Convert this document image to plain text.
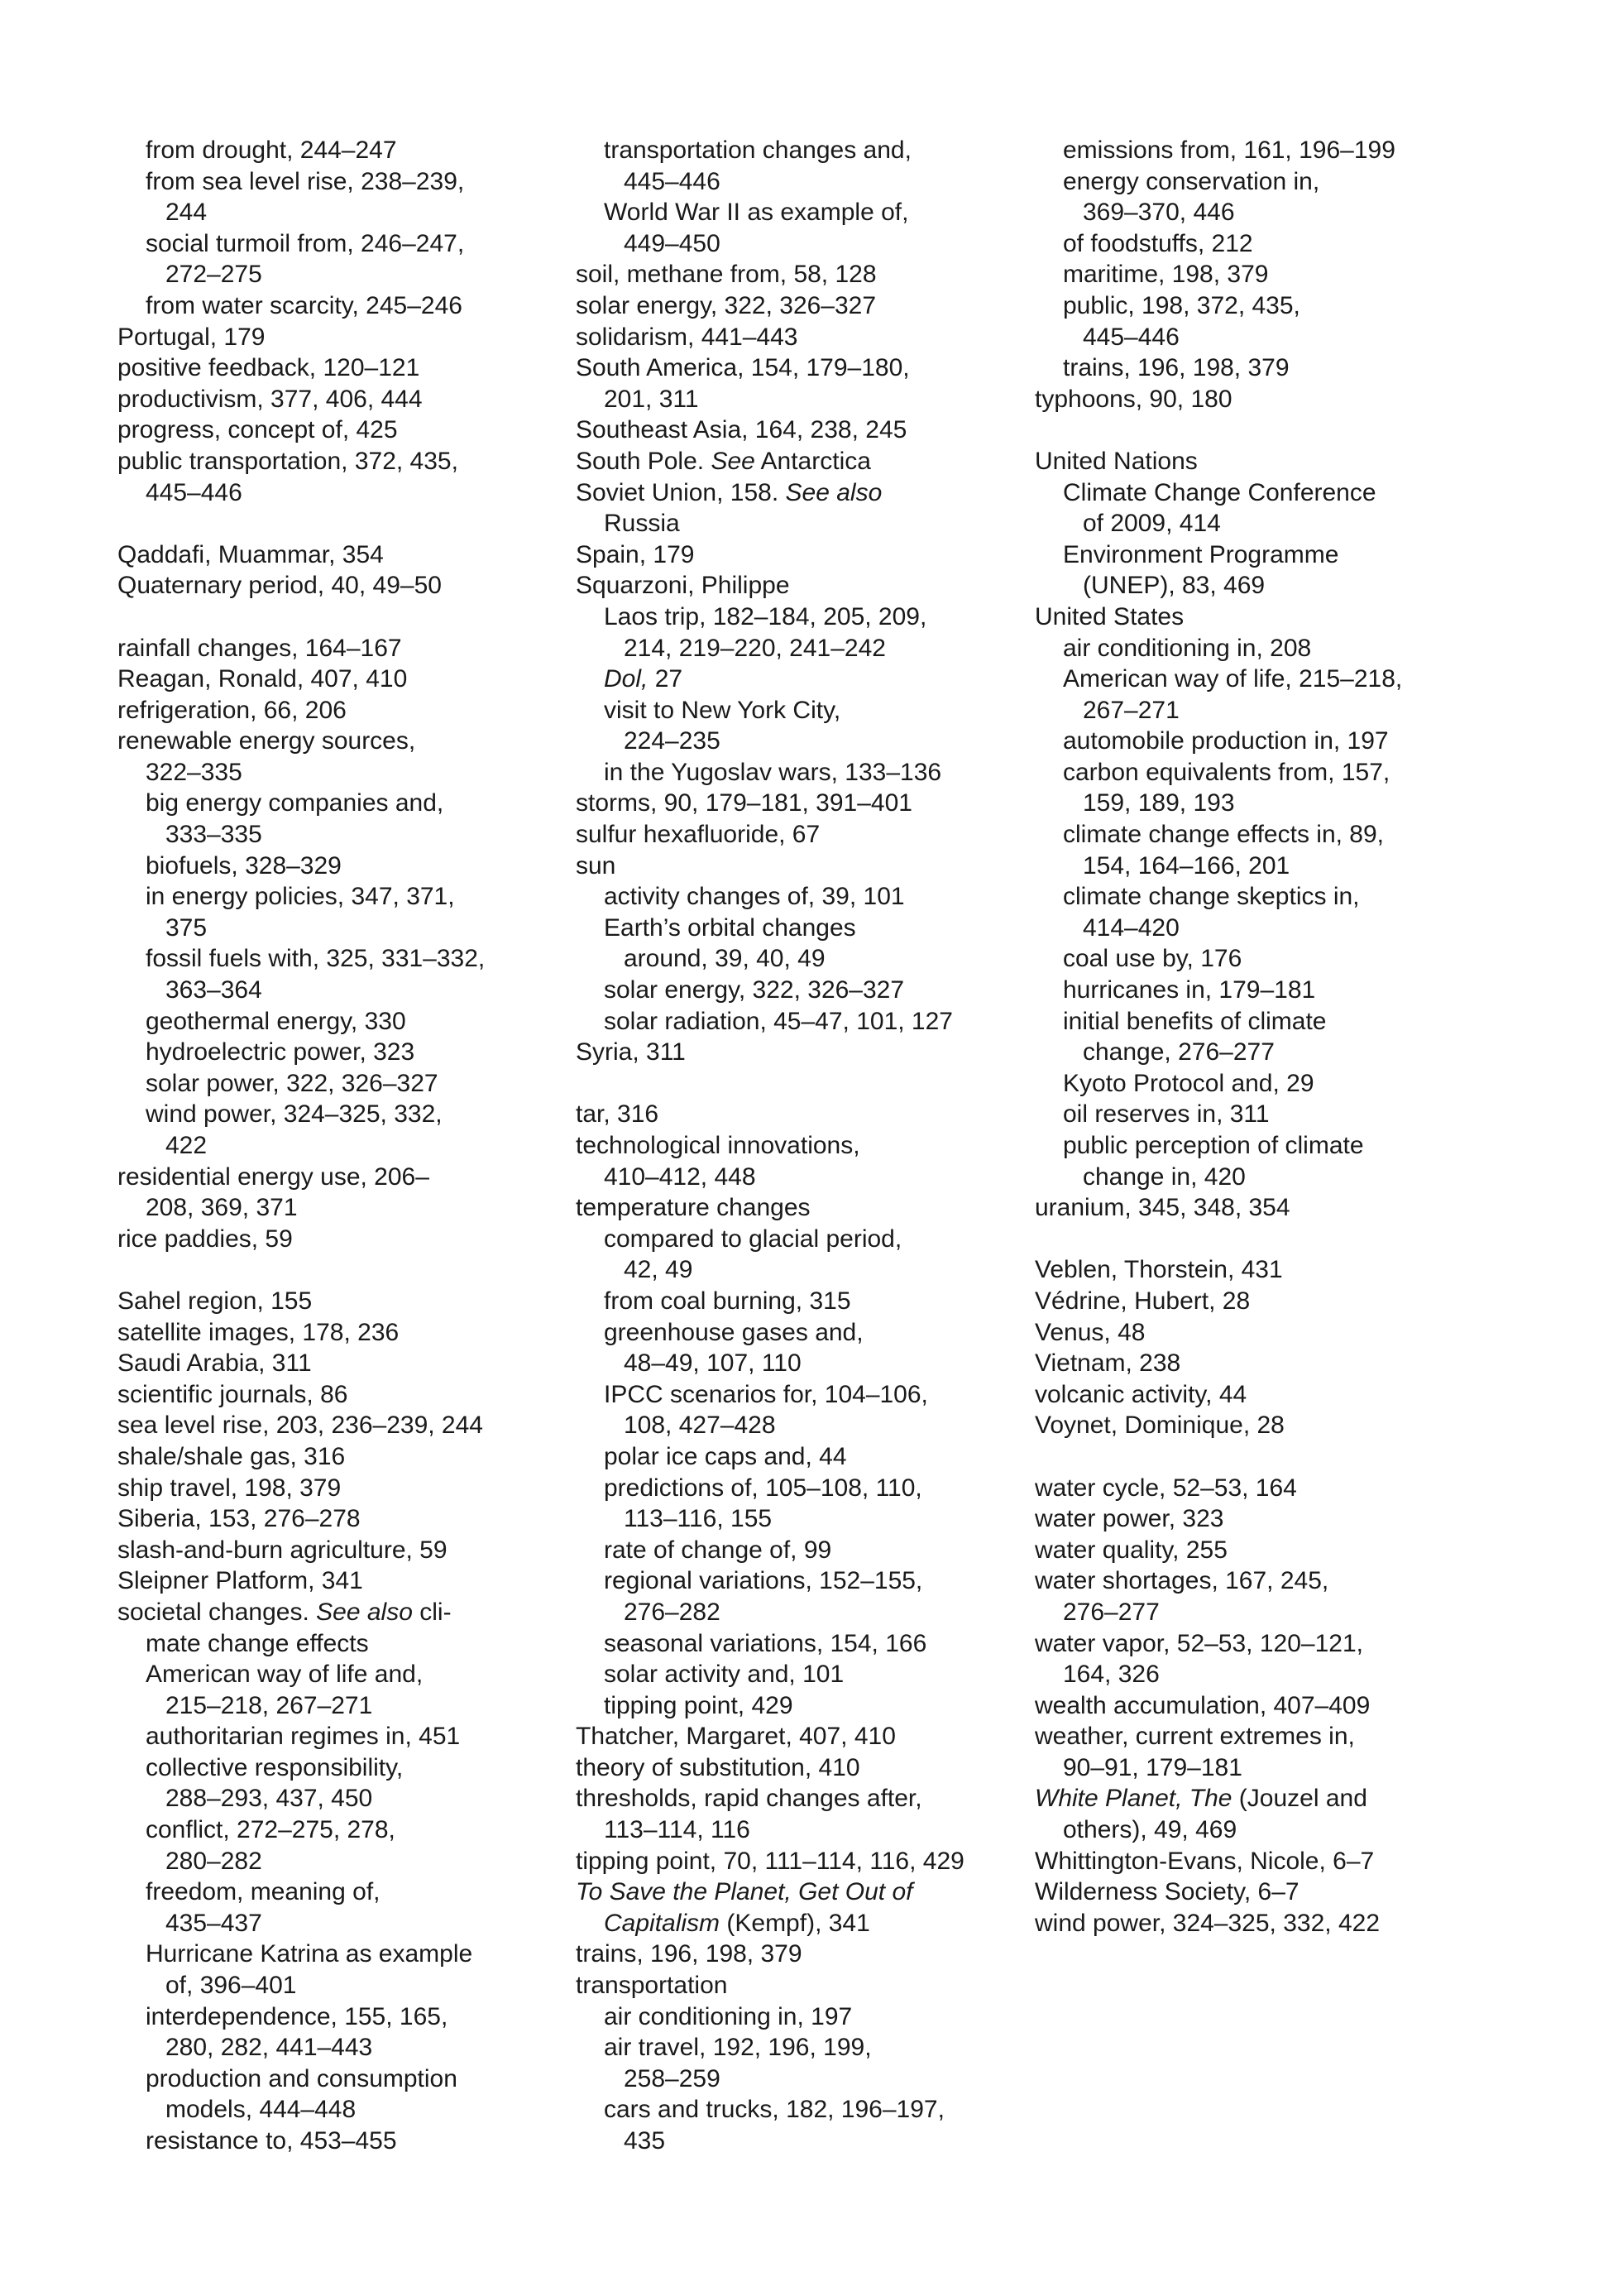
from drought, 244–247
from sea level rise, 238–239,
244
social turmoil from, 246–247,
272–275
from water scarcity, 245–246
Portugal, 179
positive feedback, 120–121
productivism, 377, 406, 444
progress, concept of, 425
public transportation, 372, 435,
445–446
Qaddafi, Muammar, 354
Quaternary period, 40, 49–50
rainfall changes, 164–167
Reagan, Ronald, 407, 410
refrigeration, 66, 206
renewable energy sources,
322–335
big energy companies and,
333–335
biofuels, 328–329
in energy policies, 347, 371,
375
fossil fuels with, 325, 331–332,
363–364
geothermal energy, 330
hydroelectric power, 323
solar power, 322, 326–327
wind power, 324–325, 332,
422
residential energy use, 206–
208, 369, 371
rice paddies, 59
Sahel region, 155
satellite images, 178, 236
Saudi Arabia, 311
scientific journals, 86
sea level rise, 203, 236–239, 244
shale/shale gas, 316
ship travel, 198, 379
Siberia, 153, 276–278
slash-and-burn agriculture, 59
Sleipner Platform, 341
societal changes. See also cli-
mate change effects
American way of life and,
215–218, 267–271
authoritarian regimes in, 451
collective responsibility,
288–293, 437, 450
conflict, 272–275, 278,
280–282
freedom, meaning of,
435–437
Hurricane Katrina as example
of, 396–401
interdependence, 155, 165,
280, 282, 441–443
production and consumption
models, 444–448
resistance to, 453–455
transportation changes and,
445–446
World War II as example of,
449–450
soil, methane from, 58, 128
solar energy, 322, 326–327
solidarism, 441–443
South America, 154, 179–180,
201, 311
Southeast Asia, 164, 238, 245
South Pole. See Antarctica
Soviet Union, 158. See also
Russia
Spain, 179
Squarzoni, Philippe
Laos trip, 182–184, 205, 209,
214, 219–220, 241–242
Dol, 27
visit to New York City,
224–235
in the Yugoslav wars, 133–136
storms, 90, 179–181, 391–401
sulfur hexafluoride, 67
sun
activity changes of, 39, 101
Earth’s orbital changes
around, 39, 40, 49
solar energy, 322, 326–327
solar radiation, 45–47, 101, 127
Syria, 311
tar, 316
technological innovations,
410–412, 448
temperature changes
compared to glacial period,
42, 49
from coal burning, 315
greenhouse gases and,
48–49, 107, 110
IPCC scenarios for, 104–106,
108, 427–428
polar ice caps and, 44
predictions of, 105–108, 110,
113–116, 155
rate of change of, 99
regional variations, 152–155,
276–282
seasonal variations, 154, 166
solar activity and, 101
tipping point, 429
Thatcher, Margaret, 407, 410
theory of substitution, 410
thresholds, rapid changes after,
113–114, 116
tipping point, 70, 111–114, 116, 429
To Save the Planet, Get Out of
Capitalism (Kempf), 341
trains, 196, 198, 379
transportation
air conditioning in, 197
air travel, 192, 196, 199,
258–259
cars and trucks, 182, 196–197,
435
emissions from, 161, 196–199
energy conservation in,
369–370, 446
of foodstuffs, 212
maritime, 198, 379
public, 198, 372, 435,
445–446
trains, 196, 198, 379
typhoons, 90, 180
United Nations
Climate Change Conference
of 2009, 414
Environment Programme
(UNEP), 83, 469
United States
air conditioning in, 208
American way of life, 215–218,
267–271
automobile production in, 197
carbon equivalents from, 157,
159, 189, 193
climate change effects in, 89,
154, 164–166, 201
climate change skeptics in,
414–420
coal use by, 176
hurricanes in, 179–181
initial benefits of climate
change, 276–277
Kyoto Protocol and, 29
oil reserves in, 311
public perception of climate
change in, 420
uranium, 345, 348, 354
Veblen, Thorstein, 431
Védrine, Hubert, 28
Venus, 48
Vietnam, 238
volcanic activity, 44
Voynet, Dominique, 28
water cycle, 52–53, 164
water power, 323
water quality, 255
water shortages, 167, 245,
276–277
water vapor, 52–53, 120–121,
164, 326
wealth accumulation, 407–409
weather, current extremes in,
90–91, 179–181
White Planet, The (Jouzel and
others), 49, 469
Whittington-Evans, Nicole, 6–7
Wilderness Society, 6–7
wind power, 324–325, 332, 422
